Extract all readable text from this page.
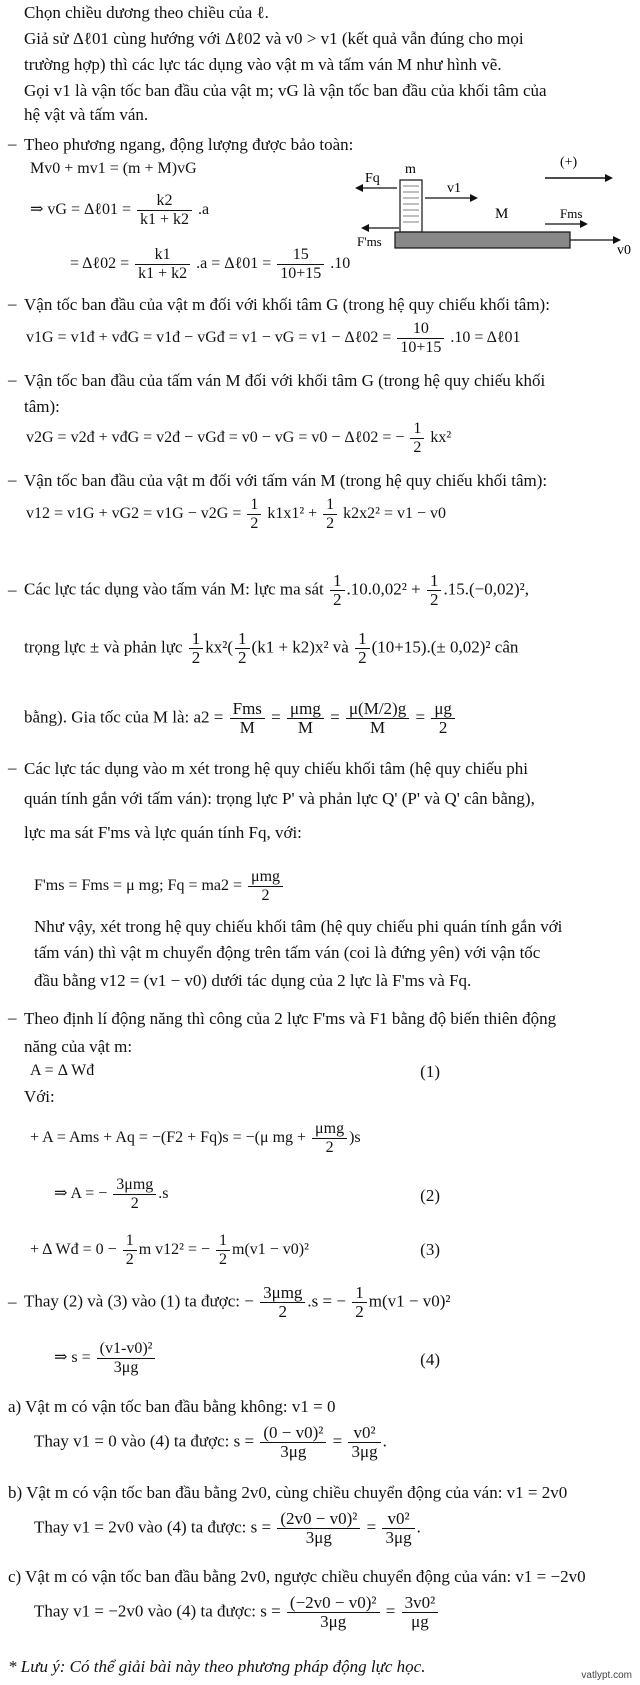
Chọn chiều dương theo chiều của ℓ.
Giả sử Δℓ01 cùng hướng với Δℓ02 và v0 > v1 (kết quả vẫn đúng cho mọi
trường hợp) thì các lực tác dụng vào vật m và tấm ván M như hình vẽ.
Gọi v1 là vận tốc ban đầu của vật m; vG là vận tốc ban đầu của khối tâm của
hệ vật và tấm ván.
– Theo phương ngang, động lượng được bảo toàn:
Mv0 + mv1 = (m + M)vG
⇒ vG = Δℓ01 = $\frac{k2}{k1 + k2} .a$
= Δℓ02 = $\frac{k1}{k1 + k2} .a$ = Δℓ01 = $\frac{15}{10+15} .10$
(+)
m
M
Fq
v1
F'ms
Fms
v0
– Vận tốc ban đầu của vật m đối với khối tâm G (trong hệ quy chiếu khối tâm):
v1G = v1đ + vđG = v1đ − vGđ = v1 − vG = v1 − Δℓ02 = $\frac{10}{10+15} .10$ = Δℓ01
– Vận tốc ban đầu của tấm ván M đối với khối tâm G (trong hệ quy chiếu khối
tâm):
v2G = v2đ + vđG = v2đ − vGđ = v0 − vG = v0 − Δℓ02 = − $\frac{1}{2} kx^2$
– Vận tốc ban đầu của vật m đối với tấm ván M (trong hệ quy chiếu khối tâm):
$v12 = v1G + vG2 = v1G - v2G = \frac{1}{2} k1x1^2 + \frac{1}{2} k2x2^2 = v1 - v0$
– Các lực tác dụng vào tấm ván M: lực ma sát $\frac{1}{2} .10.0,02^2 + \frac{1}{2} .15.(-0,02)^2$,
trọng lực ± và phản lực $\frac{1}{2} kx^2( \frac{1}{2} (k1 + k2)x^2$ và $\frac{1}{2} (10+15).(\pm 0,02)^2$ cân
bằng). Gia tốc của M là: $a2 = \frac{\text{Fms}}{M} = \frac{\text{μmg}}{M} = \frac{\mu(M/2)g}{M} = \frac{\mu g}{2}$
– Các lực tác dụng vào m xét trong hệ quy chiếu khối tâm (hệ quy chiếu phi
quán tính gắn với tấm ván): trọng lực P' và phản lực Q' (P' và Q' cân bằng),
lực ma sát F'ms và lực quán tính Fq, với:
F'ms = Fms = μ mg; $Fq = ma2 = \frac{\text{μmg}}{2}$
Như vậy, xét trong hệ quy chiếu khối tâm (hệ quy chiếu phi quán tính gắn với
tấm ván) thì vật m chuyển động trên tấm ván (coi là đứng yên) với vận tốc
đầu bằng v12 = (v1 − v0) dưới tác dụng của 2 lực là F'ms và Fq.
– Theo định lí động năng thì công của 2 lực F'ms và F1 bằng độ biến thiên động
năng của vật m:
A = Δ Wđ	(1)
Với:
+ A = Ams + Aq = −(F2 + Fq)s = −(μ mg + $\frac{\text{μmg}}{2} )s$
⇒ A = − $\frac{\text{3μmg}}{2} .s$	(2)
+ Δ Wđ = $0 - \frac{1}{2}$ m v12² = − $\frac{1}{2} m(v1 - v0)^2$	(3)
– Thay (2) và (3) vào (1) ta được: − $\frac{\text{3μmg}}{2} .s$ = − $\frac{1}{2} m(v1 - v0)^2$
⇒ $s = \frac{\text{(v1-v0)²}}{3\mu g}$	(4)
a) Vật m có vận tốc ban đầu bằng không: v1 = 0
Thay v1 = 0 vào (4) ta được: $s = \frac{\text{(0 − v0)²}}{3\mu g} = \frac{\text{v0²}}{3\mu g}$ .
b) Vật m có vận tốc ban đầu bằng 2v0, cùng chiều chuyển động của ván: v1 = 2v0
Thay v1 = 2v0 vào (4) ta được: $s = \frac{\text{(2v0 − v0)²}}{3\mu g} = \frac{\text{v0²}}{3\mu g}$ .
c) Vật m có vận tốc ban đầu bằng 2v0, ngược chiều chuyển động của ván: v1 = −2v0
Thay v1 = −2v0 vào (4) ta được: $s = \frac{\text{(−2v0 − v0)²}}{3\mu g} = \frac{\text{3v0²}}{\mu g}$
* Lưu ý: Có thể giải bài này theo phương pháp động lực học.	vatlypt.com
